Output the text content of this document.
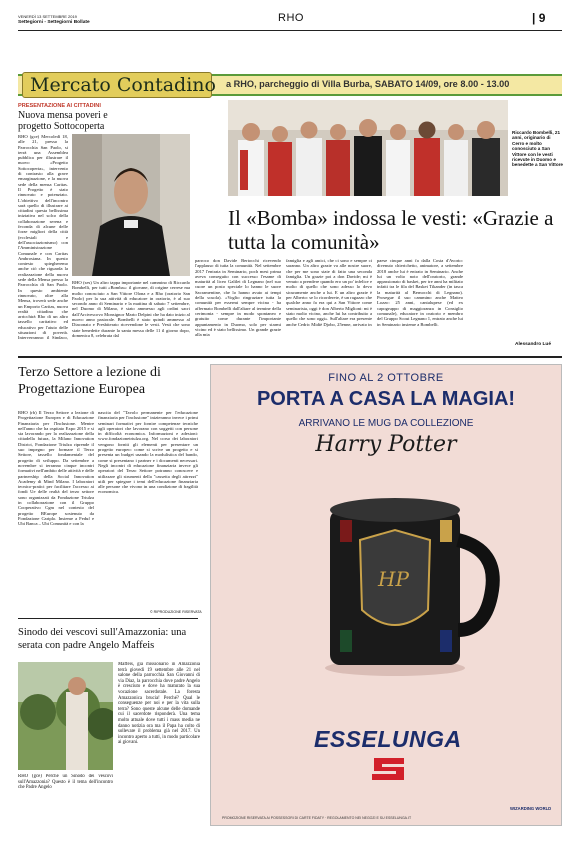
VENERDÌ 13 SETTEMBRE 2019
Settegiorni - Settegiorni Bollate	RHO	| 9
Mercato Contadino a RHO, parcheggio di Villa Burba, SABATO 14/09, ore 8.00 - 13.00
PRESENTAZIONE AI CITTADINI
Nuova mensa poveri e progetto Sottocoperta
RHO (gce) Mercoledì 18, alle 21, presso la Parrocchia San Paolo, si terrà una Assemblea pubblica per illustrare il nuovo «Progetto Sottocoperta», intervento di contrasto alla grave emarginazione, e la nuova sede della mensa Caritas. Il Progetto è stato rinnovato e potenziato. L'obiettivo dell'incontro sarà quello di illustrare ai cittadini questa bellissima iniziativa nel solco della collaborazione serena e feconda di alcune delle forze migliori della città (ecclesiali e dell'associazionismo) con l'Amministrazione Comunale e con Caritas Ambrosiana. In questo contesto spiegheremo anche ciò che riguarda la realizzazione della nuova sede della Mensa presso la Parrocchia di San Paolo. In questo ambiente rinnovato, oltre alla Mensa, troverà sede anche un Emporio Caritas, nuova realtà cittadina che arricchirà Rho di un altro tassello caritativo ed educativo per l'aiuto delle situazioni di povertà. Interverranno: il Sindaco,
Riccardo Bombelli, 21 anni, originario di Cerro e molto conosciuto a San Vittore con le vesti ricevute in Duomo e benedette a San Vittore
Il «Bomba» indossa le vesti: «Grazie a tutta la comunità»
RHO (ses) Un altro tappa importante nel cammino di Riccardo Bombelli, per tutti «Bomba»: il giovane, di origine cerrese ma molto conosciuto a San Vittore Olona e a Rho (oratorio San Paolo) per la sua attività di educatore in oratorio, è al suo secondo anno di Seminario e la mattina di sabato 7 settembre, nel Duomo di Milano, è stato ammesso agli ordini sacri dall'Arcivescovo Monsignor Mario Delpini che ha dato inizio al nuovo anno pastorale. Bombelli è stato quindi ammesso al Diaconato e Presbiterato ricevendone le vesti. Vesti che sono state benedette durante la santa messa delle 11 il giorno dopo, domenica 8, celebrata dal
parroco don Davide Bertocchi ricevendo l'applauso di tutta la comunità. Nel settembre 2017 l'entrata in Seminario, poch mesi prima aveva conseguito con successo l'esame di maturità al liceo Galilei di Legnano (nel suo cuore un posto speciale lo hanno le suore Sacramentine, che lo hanno avuto ai tempi della scuola). «Voglio ringraziare tutta la comunità per essermi sempre vicina - ha affermato Bombelli dall'altare al termine della cerimonia - sempre in modo spontaneo e gratuito come durante l'importante appuntamento in Duomo, solo per starmi vicino ed è stato bellissimo. Un grande grazie alla mia
famiglia e agli amici, che ci sono e sempre ci saranno. Un altro grazie va alle nostre suore, che per me sono state di fatto una seconda famiglia. Un grazie poi a don Davide; mi è venuto a prendere quando ero un po' infelice e molto di quello che sono adesso lo devo sicuramente anche a lui. E un altro grazie è per Alberto: se lo ricorderete, è un ragazzo che qualche anno fa era qui a San Vittore come seminarista, oggi è don Alberto Miglioni: mi è stato molto vicino, anche lui ha contribuito a quello che sono oggi». Sull'altare era presente anche Cedric Midiè Djobo, 25enne, arrivato in
paese cinque anni fa dalla Costa d'Avorio: divenuto chierichetto, animatore, a settembre 2018 anche lui è entrato in Seminario. Anche lui un volto noto dell'oratorio, grande appassionato di basket, per tre anni ha militato infatti tra le fila del Basket Tikander (in tasca la maturità al Bernocchi di Legnano). Prosegue il suo cammino anche Matteo Lozzo: 25 anni, cantalupese (ed ex capogruppo di maggioranza in Consiglio comunale), educatore in oratorio e membro del Gruppo Scout Legnano 1, entrato anche lui in Seminario insieme a Bombelli.
Alessandro Lué
Terzo Settore a lezione di Progettazione Europea
RHO (rb) Il Terzo Settore a lezione di Progettazione Europea e di Educazione Finanziaria per l'Inclusione. Mentre nell'anno che ha ospitato Expo 2015 e si sta lavorando per la realizzazione della cittadella futura, la Milano Innovation District, Fondazione Triulza riprende il suo impegno per formare il Terzo Settore, tassello fondamentale del progetto di sviluppo. Da settembre a novembre si terranno cinque incontri formativi nell'ambito delle attività e delle partnership della Social Innovation Academy di Mind Milano. I laboratori tecnico-pratici per facilitare l'accesso ai fondi Ue delle realtà del terzo settore sono organizzati da Fondazione Triulza in collaborazione con il Gruppo Cooperativo Cgm nel contesto del progetto BEurope sostenuto da Fondazione Cariplo. Insieme a Feduf e Ubi Banca – Ubi Comunità e con la
nascita del "Tavolo permanente per l'educazione finanziaria per l'inclusione" inizieranno invece i primi seminari formativi per fornire competenze tecniche agli operatori che lavorano con soggetti con persone in difficoltà economica. Informazioni e adesioni: www.fondazionetriulza.org. Nel corso dei laboratori vengono forniti gli elementi per presentare un progetto europeo: come si scrive un progetto e si presenta un budget usando la modulistica del bando, come si presentano i partner e i documenti necessari. Negli incontri di educazione finanziaria invece gli operatori del Terzo Settore potranno conoscere e utilizzare gli strumenti della "cassetta degli attrezzi" utili per spiegare i temi dell'educazione finanziaria alle persone che vivono in una condizione di fragilità economica.
© RIPRODUZIONE RISERVATA
Sinodo dei vescovi sull'Amazzonia: una serata con padre Angelo Maffeis
RHO (gce) Perché un Sinodo dei vescovi sull'Amazzonia? Questo è il tema dell'incontro che Padre Angelo
Maffeis, già missionario in Amazzonia terrà giovedì 19 settembre alle 21 nel salone della parrocchia San Giovanni di via Diaz, la parrocchia dove padre Angelo è cresciuto e dove ha maturato la sua vocazione sacerdotale. La foresta Amazzonica brucia! Perché? Qual le conseguenze per noi e per la vita sulla terra? Sono queste alcune delle domande cui il sacerdote risponderà. Una tema molto attuale dove tutti i mass media ne danno notizia ora ma il Papa ha colto di sollevare il problema già nel 2017. Un incontro aperto a tutti, in modo particolare ai giovani.
FINO AL 2 OTTOBRE
PORTA A CASA LA MAGIA!
ARRIVANO LE MUG DA COLLEZIONE
Harry Potter
HP
ESSELUNGA
WIZARDING WORLD
PROMOZIONE RISERVATA AI POSSESSORI DI CARTE FIDATY · REGOLAMENTO NEI NEGOZI E SU ESSELUNGA.IT
